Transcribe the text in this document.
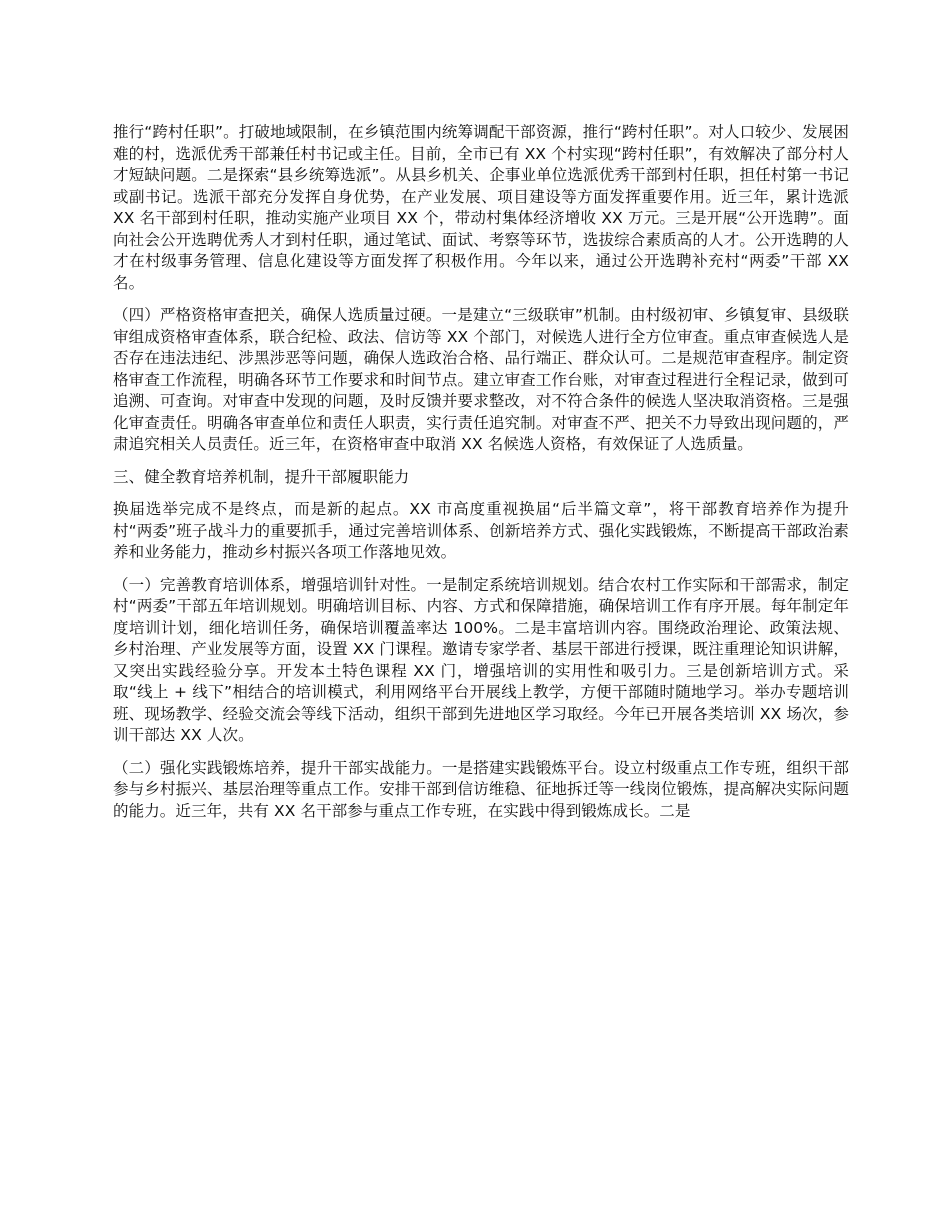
推行“跨村任职”。打破地域限制，在乡镇范围内统筹调配干部资源，推行“跨村任职”。对人口较少、发展困难的村，选派优秀干部兼任村书记或主任。目前，全市已有 XX 个村实现“跨村任职”，有效解决了部分村人才短缺问题。二是探索“县乡统筹选派”。从县乡机关、企事业单位选派优秀干部到村任职，担任村第一书记或副书记。选派干部充分发挥自身优势，在产业发展、项目建设等方面发挥重要作用。近三年，累计选派 XX 名干部到村任职，推动实施产业项目 XX 个，带动村集体经济增收 XX 万元。三是开展“公开选聘”。面向社会公开选聘优秀人才到村任职，通过笔试、面试、考察等环节，选拔综合素质高的人才。公开选聘的人才在村级事务管理、信息化建设等方面发挥了积极作用。今年以来，通过公开选聘补充村“两委”干部 XX 名。

（四）严格资格审查把关，确保人选质量过硬。一是建立“三级联审”机制。由村级初审、乡镇复审、县级联审组成资格审查体系，联合纪检、政法、信访等 XX 个部门，对候选人进行全方位审查。重点审查候选人是否存在违法违纪、涉黑涉恶等问题，确保人选政治合格、品行端正、群众认可。二是规范审查程序。制定资格审查工作流程，明确各环节工作要求和时间节点。建立审查工作台账，对审查过程进行全程记录，做到可追溯、可查询。对审查中发现的问题，及时反馈并要求整改，对不符合条件的候选人坚决取消资格。三是强化审查责任。明确各审查单位和责任人职责，实行责任追究制。对审查不严、把关不力导致出现问题的，严肃追究相关人员责任。近三年，在资格审查中取消 XX 名候选人资格，有效保证了人选质量。

三、健全教育培养机制，提升干部履职能力

换届选举完成不是终点，而是新的起点。XX 市高度重视换届“后半篇文章”，将干部教育培养作为提升村“两委”班子战斗力的重要抓手，通过完善培训体系、创新培养方式、强化实践锻炼，不断提高干部政治素养和业务能力，推动乡村振兴各项工作落地见效。

（一）完善教育培训体系，增强培训针对性。一是制定系统培训规划。结合农村工作实际和干部需求，制定村“两委”干部五年培训规划。明确培训目标、内容、方式和保障措施，确保培训工作有序开展。每年制定年度培训计划，细化培训任务，确保培训覆盖率达 100%。二是丰富培训内容。围绕政治理论、政策法规、乡村治理、产业发展等方面，设置 XX 门课程。邀请专家学者、基层干部进行授课，既注重理论知识讲解，又突出实践经验分享。开发本土特色课程 XX 门，增强培训的实用性和吸引力。三是创新培训方式。采取“线上 + 线下”相结合的培训模式，利用网络平台开展线上教学，方便干部随时随地学习。举办专题培训班、现场教学、经验交流会等线下活动，组织干部到先进地区学习取经。今年已开展各类培训 XX 场次，参训干部达 XX 人次。

（二）强化实践锻炼培养，提升干部实战能力。一是搭建实践锻炼平台。设立村级重点工作专班，组织干部参与乡村振兴、基层治理等重点工作。安排干部到信访维稳、征地拆迁等一线岗位锻炼，提高解决实际问题的能力。近三年，共有 XX 名干部参与重点工作专班，在实践中得到锻炼成长。二是
